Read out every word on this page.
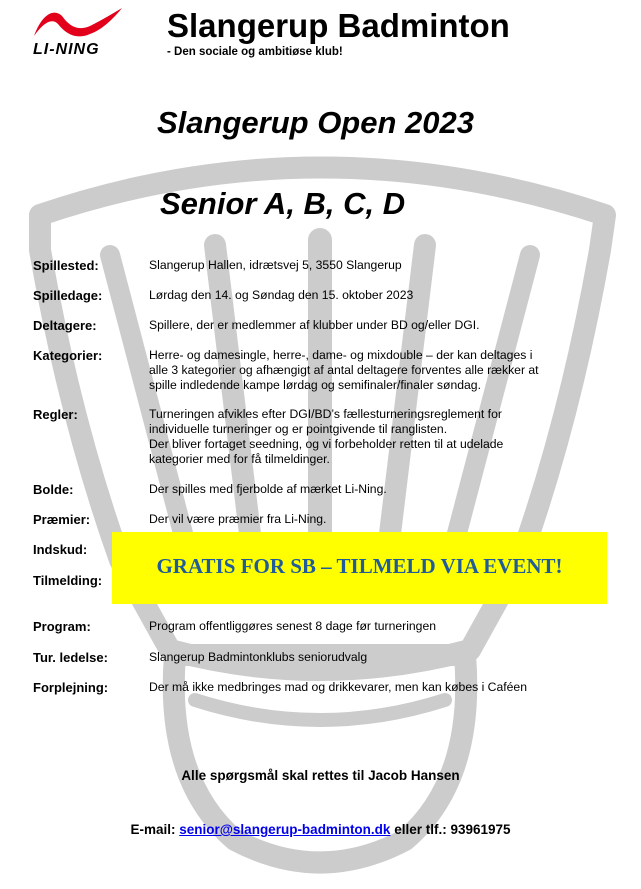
LI-NING
Slangerup Badminton
- Den sociale og ambitiøse klub!
Slangerup Open 2023
Senior A, B, C, D
Spillested:	Slangerup Hallen, idrætsvej 5, 3550 Slangerup
Spilledage:	Lørdag den 14. og Søndag den 15. oktober 2023
Deltagere:	Spillere, der er medlemmer af klubber under BD og/eller DGI.
Kategorier:	Herre- og damesingle, herre-, dame- og mixdouble – der kan deltages i
alle 3 kategorier og afhængigt af antal deltagere forventes alle rækker at
spille indledende kampe lørdag og semifinaler/finaler søndag.
Regler:	Turneringen afvikles efter DGI/BD’s fællesturneringsreglement for
individuelle turneringer og er pointgivende til ranglisten.
Der bliver fortaget seedning, og vi forbeholder retten til at udelade
kategorier med for få tilmeldinger.
Bolde:	Der spilles med fjerbolde af mærket Li-Ning.
Præmier:	Der vil være præmier fra Li-Ning.
Indskud:
Tilmelding:
GRATIS FOR SB – TILMELD VIA EVENT!
Program:	Program offentliggøres senest 8 dage før turneringen
Tur. ledelse:	Slangerup Badmintonklubs seniorudvalg
Forplejning:	Der må ikke medbringes mad og drikkevarer, men kan købes i Caféen
Alle spørgsmål skal rettes til Jacob Hansen
E-mail: senior@slangerup-badminton.dk eller tlf.: 93961975
